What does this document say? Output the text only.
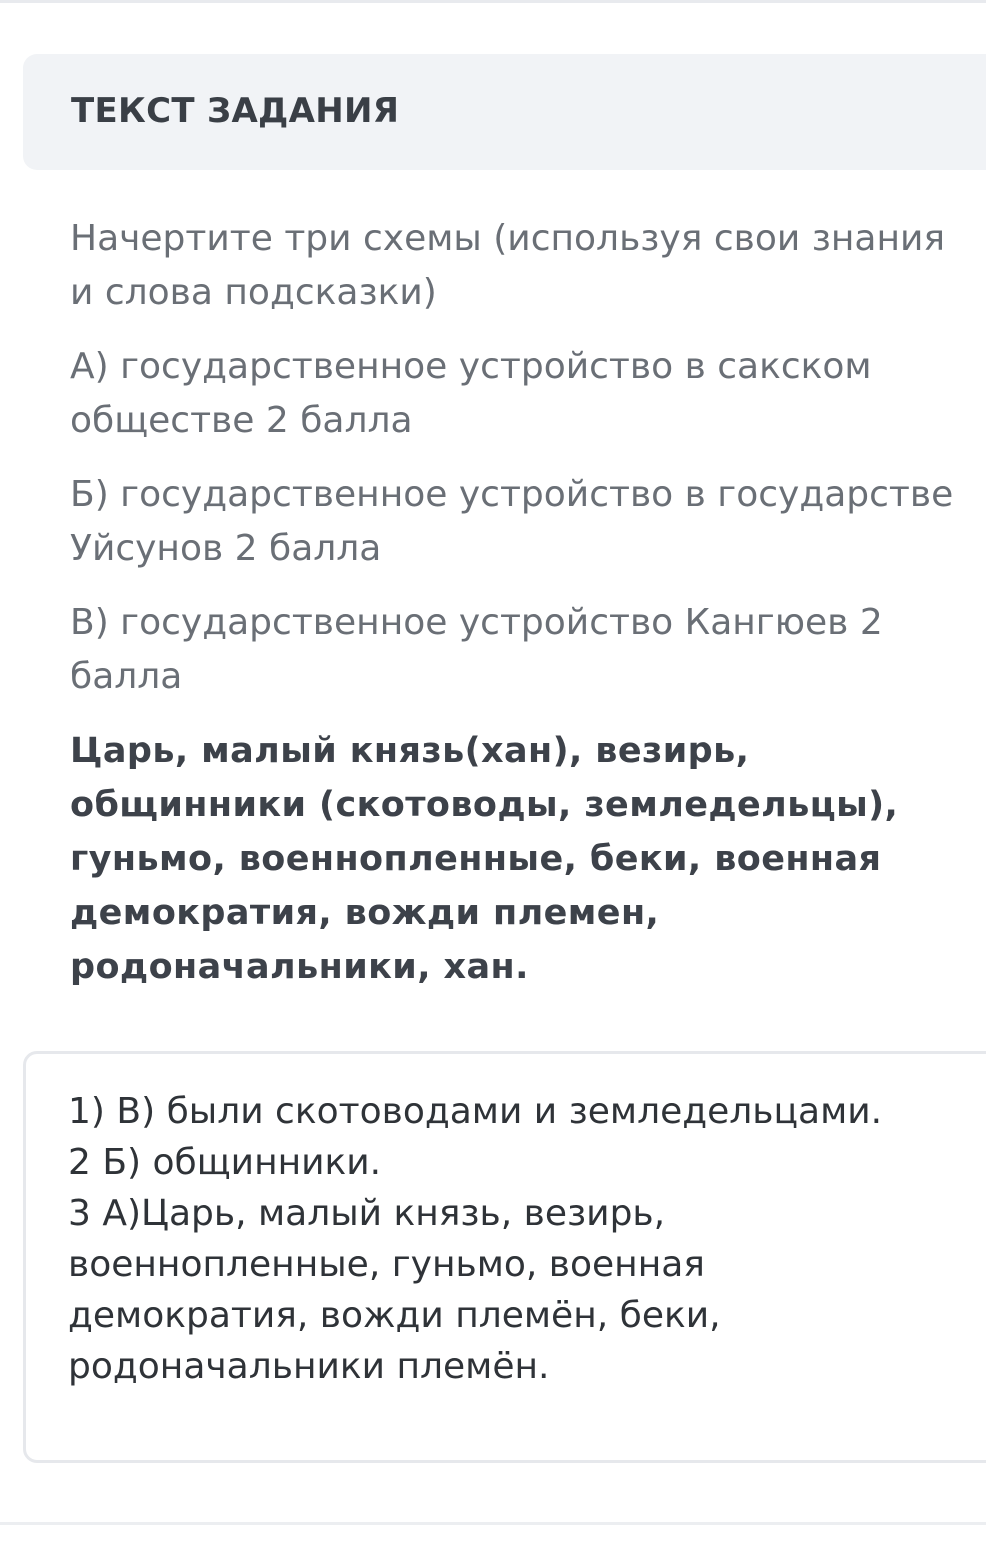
ТЕКСТ ЗАДАНИЯ

Начертите три схемы (используя свои знания и слова подсказки)

А) государственное устройство в сакском обществе 2 балла

Б) государственное устройство в государстве Уйсунов 2 балла

В) государственное устройство Кангюев 2 балла

Царь, малый князь(хан), везирь, общинники (скотоводы, земледельцы), гуньмо, военнопленные, беки, военная демократия, вожди племен, родоначальники, хан.

1) В) были скотоводами и земледельцами.
2 Б) общинники.
3 А)Царь, малый князь, везирь,
военнопленные, гуньмо, военная
демократия, вожди племён, беки,
родоначальники племён.
